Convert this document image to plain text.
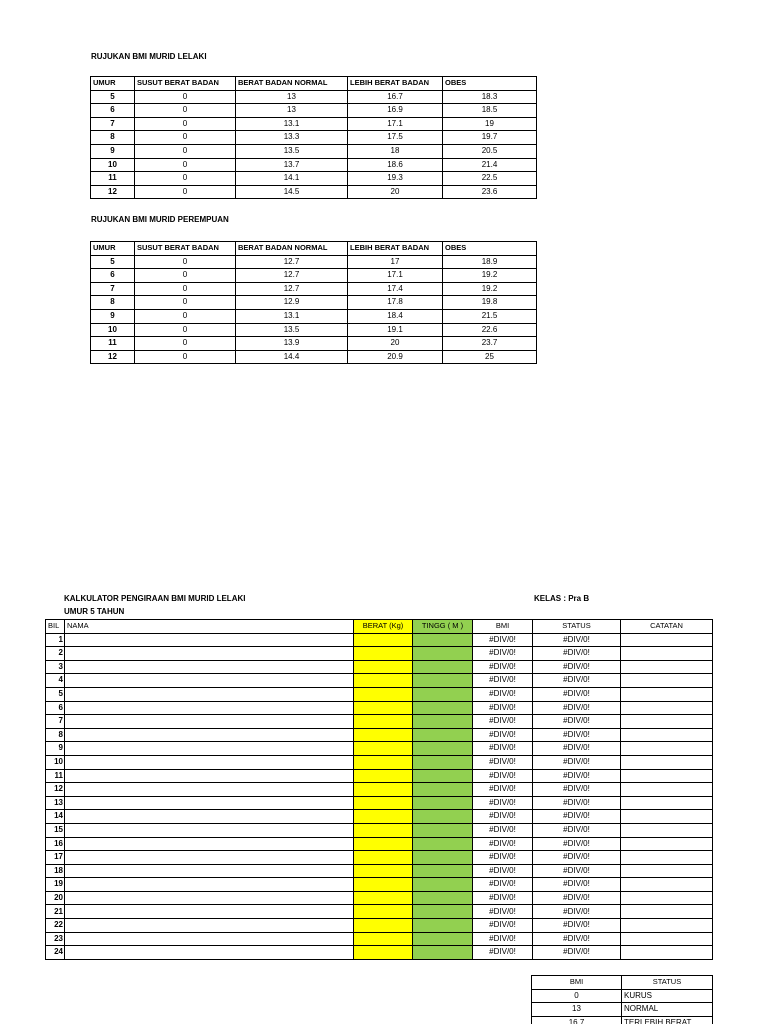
RUJUKAN BMI MURID LELAKI
UMUR	SUSUT BERAT BADAN	BERAT BADAN NORMAL	LEBIH BERAT BADAN	OBES
5	0	13	16.7	18.3
6	0	13	16.9	18.5
7	0	13.1	17.1	19
8	0	13.3	17.5	19.7
9	0	13.5	18	20.5
10	0	13.7	18.6	21.4
11	0	14.1	19.3	22.5
12	0	14.5	20	23.6
RUJUKAN BMI MURID PEREMPUAN
UMUR	SUSUT BERAT BADAN	BERAT BADAN NORMAL	LEBIH BERAT BADAN	OBES
5	0	12.7	17	18.9
6	0	12.7	17.1	19.2
7	0	12.7	17.4	19.2
8	0	12.9	17.8	19.8
9	0	13.1	18.4	21.5
10	0	13.5	19.1	22.6
11	0	13.9	20	23.7
12	0	14.4	20.9	25
KALKULATOR PENGIRAAN BMI MURID LELAKI	KELAS : Pra B
UMUR 5 TAHUN
BIL	NAMA	BERAT (Kg)	TINGG ( M )	BMI	STATUS	CATATAN
1				#DIV/0!	#DIV/0!	
2				#DIV/0!	#DIV/0!	
3				#DIV/0!	#DIV/0!	
4				#DIV/0!	#DIV/0!	
5				#DIV/0!	#DIV/0!	
6				#DIV/0!	#DIV/0!	
7				#DIV/0!	#DIV/0!	
8				#DIV/0!	#DIV/0!	
9				#DIV/0!	#DIV/0!	
10				#DIV/0!	#DIV/0!	
11				#DIV/0!	#DIV/0!	
12				#DIV/0!	#DIV/0!	
13				#DIV/0!	#DIV/0!	
14				#DIV/0!	#DIV/0!	
15				#DIV/0!	#DIV/0!	
16				#DIV/0!	#DIV/0!	
17				#DIV/0!	#DIV/0!	
18				#DIV/0!	#DIV/0!	
19				#DIV/0!	#DIV/0!	
20				#DIV/0!	#DIV/0!	
21				#DIV/0!	#DIV/0!	
22				#DIV/0!	#DIV/0!	
23				#DIV/0!	#DIV/0!	
24				#DIV/0!	#DIV/0!	
BMI	STATUS
0	KURUS
13	NORMAL
16.7	TERLEBIH BERAT
